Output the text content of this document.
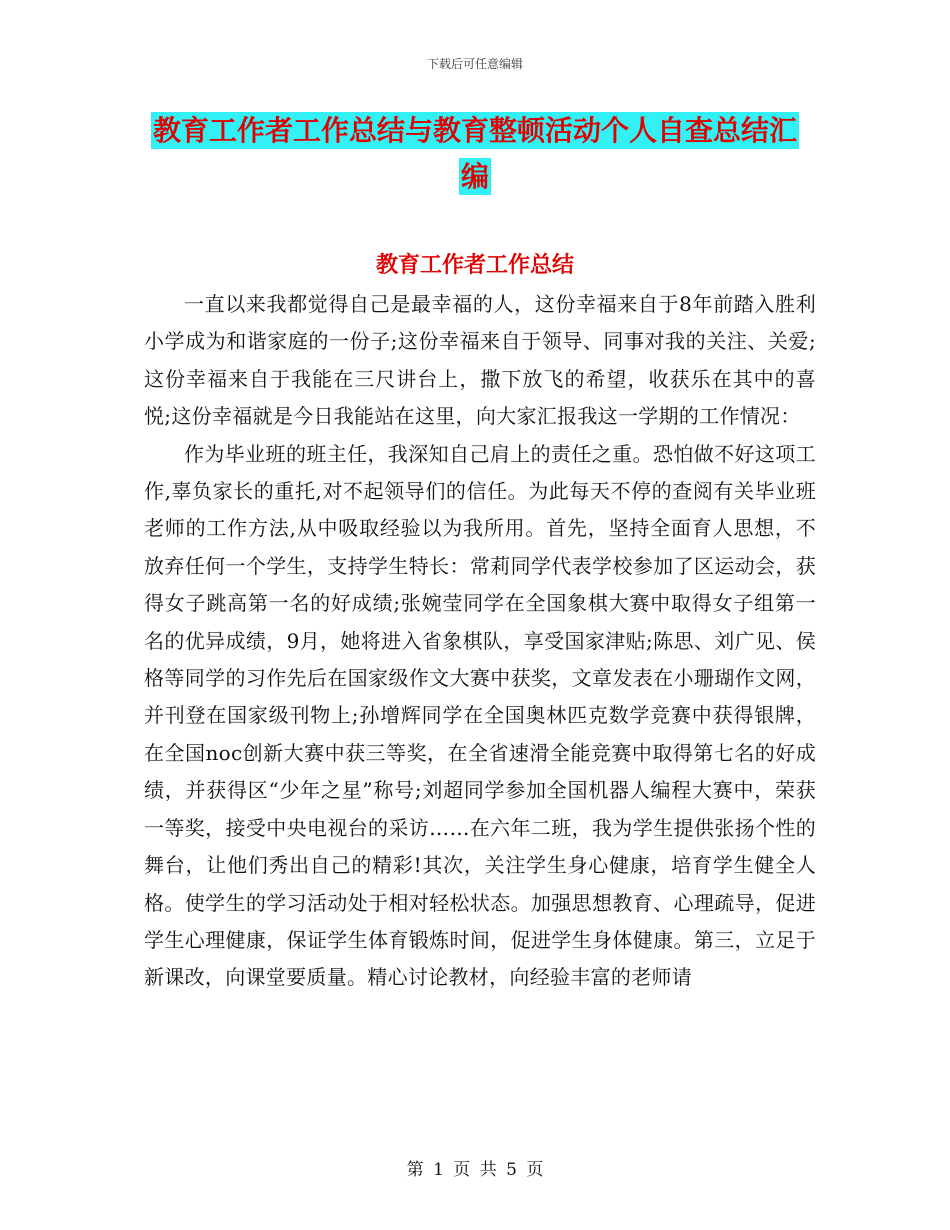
下载后可任意编辑
教育工作者工作总结与教育整顿活动个人自查总结汇
编
教育工作者工作总结

一直以来我都觉得自己是最幸福的人，这份幸福来自于8年前踏入胜利小学成为和谐家庭的一份子;这份幸福来自于领导、同事对我的关注、关爱;这份幸福来自于我能在三尺讲台上，撒下放飞的希望，收获乐在其中的喜悦;这份幸福就是今日我能站在这里，向大家汇报我这一学期的工作情况：

作为毕业班的班主任，我深知自己肩上的责任之重。恐怕做不好这项工作,辜负家长的重托,对不起领导们的信任。为此每天不停的查阅有关毕业班老师的工作方法,从中吸取经验以为我所用。首先，坚持全面育人思想，不放弃任何一个学生，支持学生特长：常莉同学代表学校参加了区运动会，获得女子跳高第一名的好成绩;张婉莹同学在全国象棋大赛中取得女子组第一名的优异成绩，9月，她将进入省象棋队，享受国家津贴;陈思、刘广见、侯格等同学的习作先后在国家级作文大赛中获奖，文章发表在小珊瑚作文网，并刊登在国家级刊物上;孙增辉同学在全国奥林匹克数学竞赛中获得银牌，在全国noc创新大赛中获三等奖，在全省速滑全能竞赛中取得第七名的好成绩，并获得区“少年之星”称号;刘超同学参加全国机器人编程大赛中，荣获一等奖，接受中央电视台的采访……在六年二班，我为学生提供张扬个性的舞台，让他们秀出自己的精彩!其次，关注学生身心健康，培育学生健全人格。使学生的学习活动处于相对轻松状态。加强思想教育、心理疏导，促进学生心理健康，保证学生体育锻炼时间，促进学生身体健康。第三，立足于新课改，向课堂要质量。精心讨论教材，向经验丰富的老师请

第 1 页 共 5 页
